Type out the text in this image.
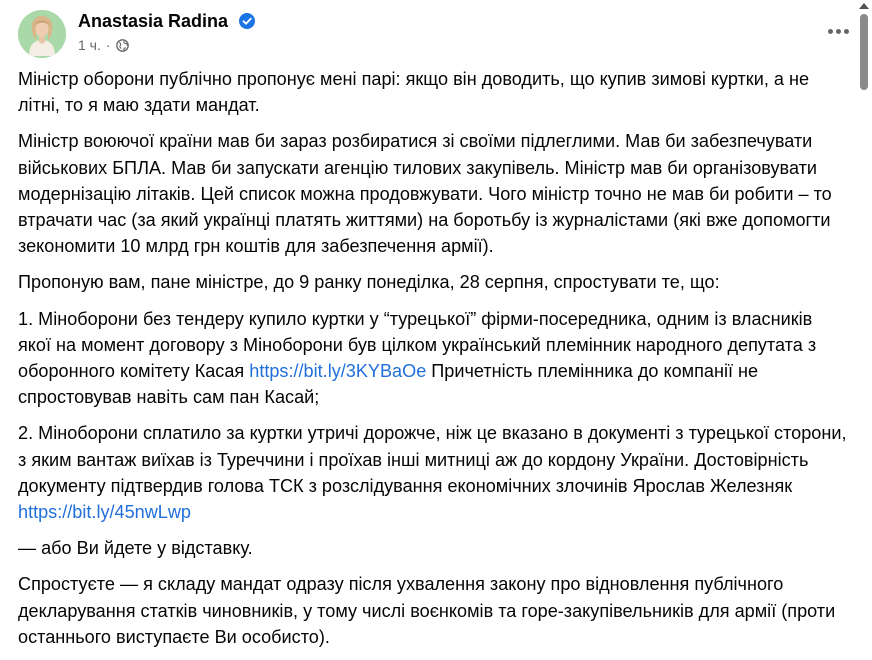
Anastasia Radina
1 ч. ·

Міністр оборони публічно пропонує мені парі: якщо він доводить, що купив зимові куртки, а не літні, то я маю здати мандат.

Міністр воюючої країни мав би зараз розбиратися зі своїми підлеглими. Мав би забезпечувати військових БПЛА. Мав би запускати агенцію тилових закупівель. Міністр мав би організовувати модернізацію літаків. Цей список можна продовжувати. Чого міністр точно не мав би робити – то втрачати час (за який українці платять життями) на боротьбу із журналістами (які вже допомогти зекономити 10 млрд грн коштів для забезпечення армії).

Пропоную вам, пане міністре, до 9 ранку понеділка, 28 серпня, спростувати те, що:

1. Міноборони без тендеру купило куртки у “турецької” фірми-посередника, одним із власників якої на момент договору з Міноборони був цілком український племінник народного депутата з оборонного комітету Касая https://bit.ly/3KYBaOe Причетність племінника до компанії не спростовував навіть сам пан Касай;

2. Міноборони сплатило за куртки утричі дорожче, ніж це вказано в документі з турецької сторони, з яким вантаж виїхав із Туреччини і проїхав інші митниці аж до кордону України. Достовірність документу підтвердив голова ТСК з розслідування економічних злочинів Ярослав Железняк https://bit.ly/45nwLwp

— або Ви йдете у відставку.

Спростуєте — я складу мандат одразу після ухвалення закону про відновлення публічного декларування статків чиновників, у тому числі воєнкомів та горе-закупівельників для армії (проти останнього виступаєте Ви особисто).
